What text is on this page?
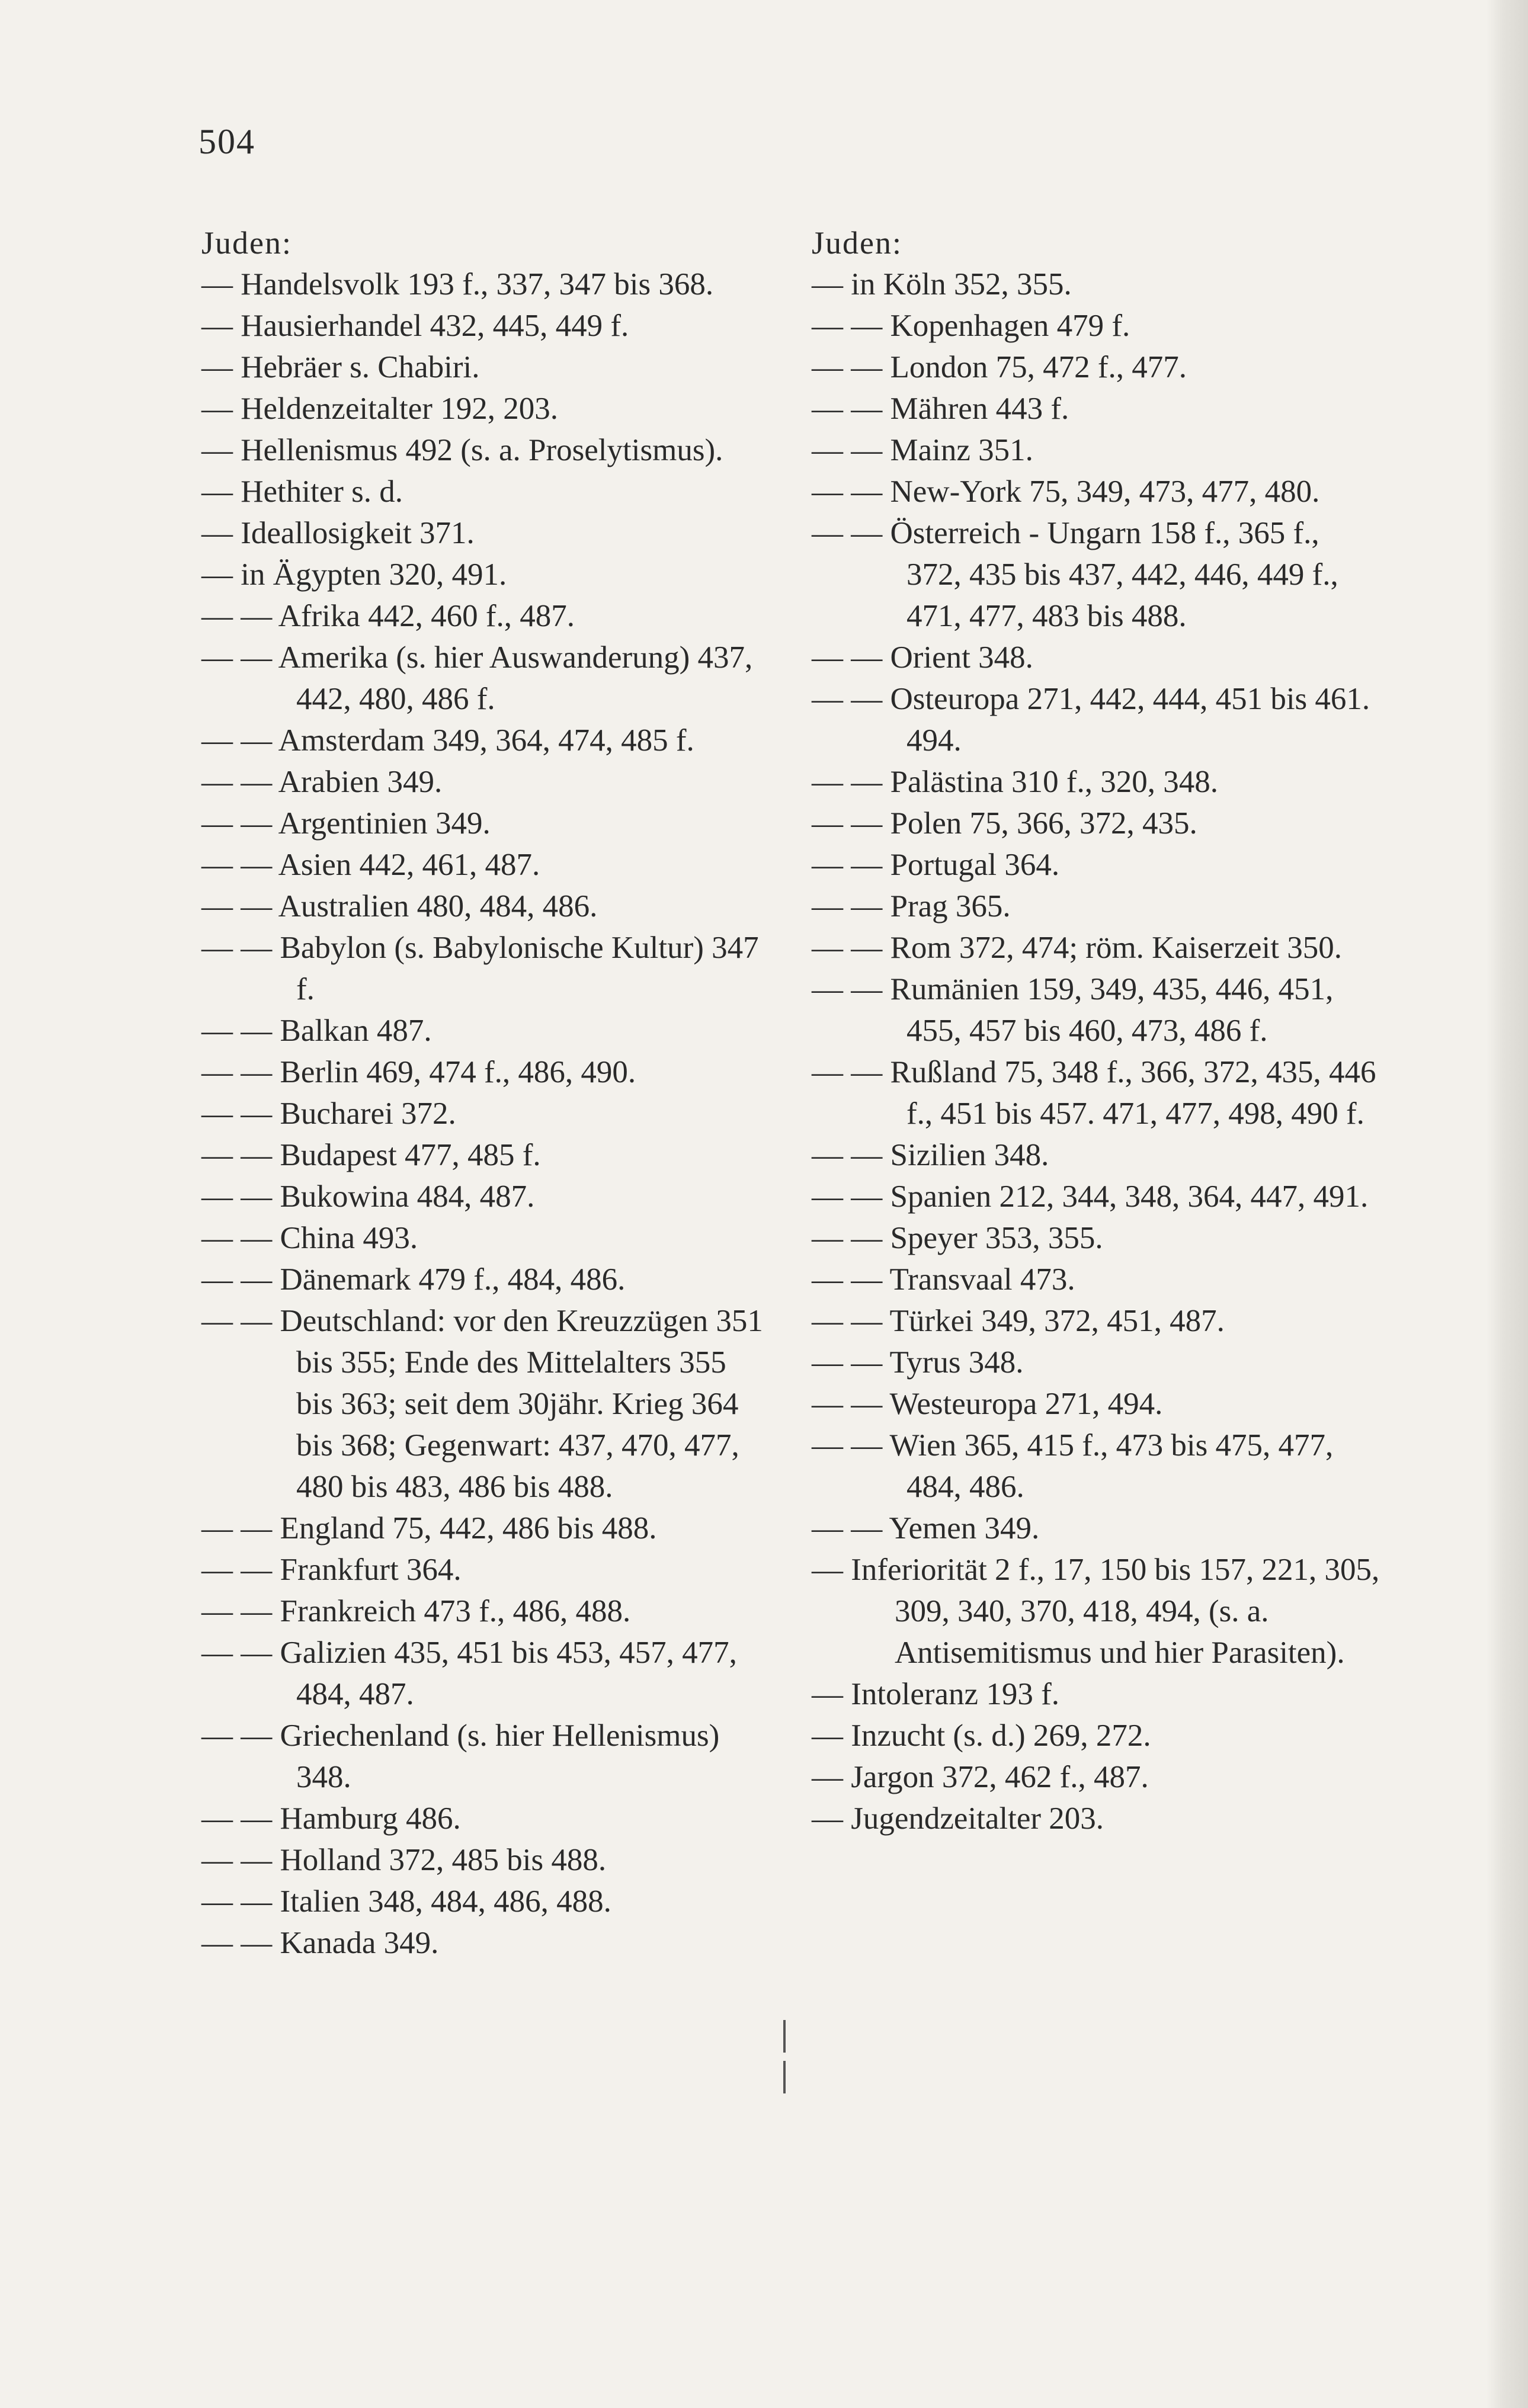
504
Juden:
— Handelsvolk 193 f., 337, 347 bis 368.
— Hausierhandel 432, 445, 449 f.
— Hebräer s. Chabiri.
— Heldenzeitalter 192, 203.
— Hellenismus 492 (s. a. Proselytismus).
— Hethiter s. d.
— Ideallosigkeit 371.
— in Ägypten 320, 491.
— — Afrika 442, 460 f., 487.
— — Amerika (s. hier Auswanderung) 437, 442, 480, 486 f.
— — Amsterdam 349, 364, 474, 485 f.
— — Arabien 349.
— — Argentinien 349.
— — Asien 442, 461, 487.
— — Australien 480, 484, 486.
— — Babylon (s. Babylonische Kultur) 347 f.
— — Balkan 487.
— — Berlin 469, 474 f., 486, 490.
— — Bucharei 372.
— — Budapest 477, 485 f.
— — Bukowina 484, 487.
— — China 493.
— — Dänemark 479 f., 484, 486.
— — Deutschland: vor den Kreuzzügen 351 bis 355; Ende des Mittelalters 355 bis 363; seit dem 30jähr. Krieg 364 bis 368; Gegenwart: 437, 470, 477, 480 bis 483, 486 bis 488.
— — England 75, 442, 486 bis 488.
— — Frankfurt 364.
— — Frankreich 473 f., 486, 488.
— — Galizien 435, 451 bis 453, 457, 477, 484, 487.
— — Griechenland (s. hier Hellenismus) 348.
— — Hamburg 486.
— — Holland 372, 485 bis 488.
— — Italien 348, 484, 486, 488.
— — Kanada 349.
Juden:
— in Köln 352, 355.
— — Kopenhagen 479 f.
— — London 75, 472 f., 477.
— — Mähren 443 f.
— — Mainz 351.
— — New-York 75, 349, 473, 477, 480.
— — Österreich - Ungarn 158 f., 365 f., 372, 435 bis 437, 442, 446, 449 f., 471, 477, 483 bis 488.
— — Orient 348.
— — Osteuropa 271, 442, 444, 451 bis 461. 494.
— — Palästina 310 f., 320, 348.
— — Polen 75, 366, 372, 435.
— — Portugal 364.
— — Prag 365.
— — Rom 372, 474; röm. Kaiserzeit 350.
— — Rumänien 159, 349, 435, 446, 451, 455, 457 bis 460, 473, 486 f.
— — Rußland 75, 348 f., 366, 372, 435, 446 f., 451 bis 457. 471, 477, 498, 490 f.
— — Sizilien 348.
— — Spanien 212, 344, 348, 364, 447, 491.
— — Speyer 353, 355.
— — Transvaal 473.
— — Türkei 349, 372, 451, 487.
— — Tyrus 348.
— — Westeuropa 271, 494.
— — Wien 365, 415 f., 473 bis 475, 477, 484, 486.
— — Yemen 349.
— Inferiorität 2 f., 17, 150 bis 157, 221, 305, 309, 340, 370, 418, 494, (s. a. Antisemitismus und hier Parasiten).
— Intoleranz 193 f.
— Inzucht (s. d.) 269, 272.
— Jargon 372, 462 f., 487.
— Jugendzeitalter 203.
